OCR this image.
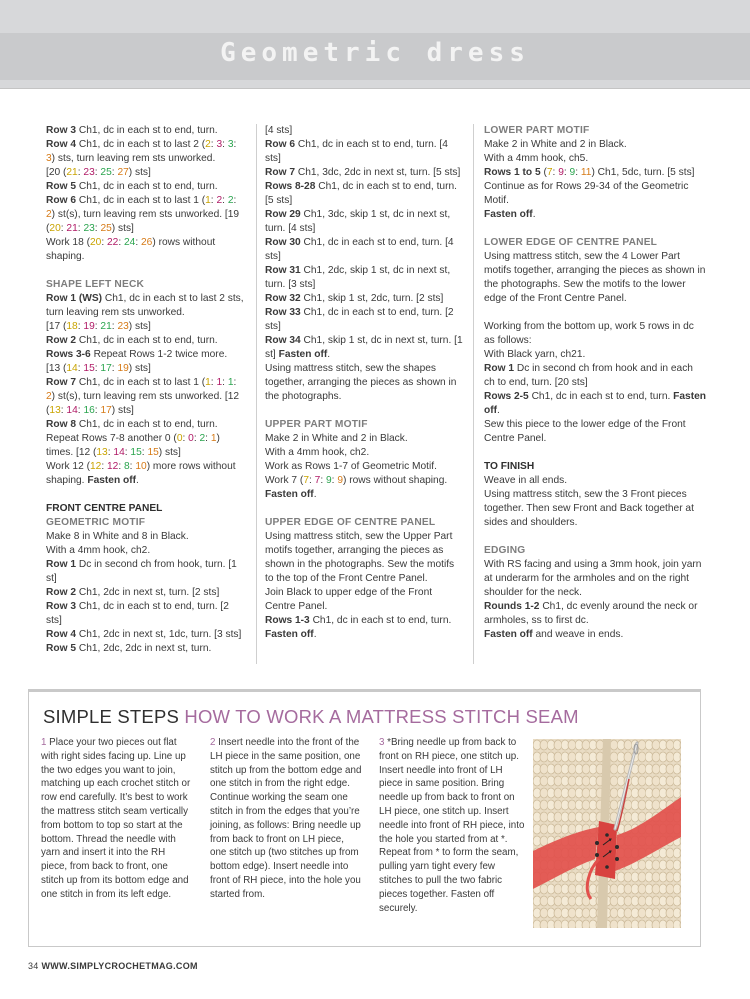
Geometric dress

Row 3 Ch1, dc in each st to end, turn.

Row 4 Ch1, dc in each st to last 2 (2: 3: 3: 3) sts, turn leaving rem sts unworked.

[20 (21: 23: 25: 27) sts]

Row 5 Ch1, dc in each st to end, turn.

Row 6 Ch1, dc in each st to last 1 (1: 2: 2: 2) st(s), turn leaving rem sts unworked. [19 (20: 21: 23: 25) sts]

Work 18 (20: 22: 24: 26) rows without shaping.

SHAPE LEFT NECK

Row 1 (WS) Ch1, dc in each st to last 2 sts, turn leaving rem sts unworked.

[17 (18: 19: 21: 23) sts]

Row 2 Ch1, dc in each st to end, turn.

Rows 3-6 Repeat Rows 1-2 twice more.

[13 (14: 15: 17: 19) sts]

Row 7 Ch1, dc in each st to last 1 (1: 1: 1: 2) st(s), turn leaving rem sts unworked. [12 (13: 14: 16: 17) sts]

Row 8 Ch1, dc in each st to end, turn.

Repeat Rows 7-8 another 0 (0: 0: 2: 1) times. [12 (13: 14: 15: 15) sts]

Work 12 (12: 12: 8: 10) more rows without shaping. Fasten off.

FRONT CENTRE PANEL

GEOMETRIC MOTIF

Make 8 in White and 8 in Black.

With a 4mm hook, ch2.

Row 1 Dc in second ch from hook, turn. [1 st]

Row 2 Ch1, 2dc in next st, turn. [2 sts]

Row 3 Ch1, dc in each st to end, turn. [2 sts]

Row 4 Ch1, 2dc in next st, 1dc, turn. [3 sts]

Row 5 Ch1, 2dc, 2dc in next st, turn.

[4 sts]

Row 6 Ch1, dc in each st to end, turn. [4 sts]

Row 7 Ch1, 3dc, 2dc in next st, turn. [5 sts]

Rows 8-28 Ch1, dc in each st to end, turn. [5 sts]

Row 29 Ch1, 3dc, skip 1 st, dc in next st, turn. [4 sts]

Row 30 Ch1, dc in each st to end, turn. [4 sts]

Row 31 Ch1, 2dc, skip 1 st, dc in next st, turn. [3 sts]

Row 32 Ch1, skip 1 st, 2dc, turn. [2 sts]

Row 33 Ch1, dc in each st to end, turn. [2 sts]

Row 34 Ch1, skip 1 st, dc in next st, turn. [1 st] Fasten off.

Using mattress stitch, sew the shapes together, arranging the pieces as shown in the photographs.

UPPER PART MOTIF

Make 2 in White and 2 in Black.

With a 4mm hook, ch2.

Work as Rows 1-7 of Geometric Motif.

Work 7 (7: 7: 9: 9) rows without shaping.

Fasten off.

UPPER EDGE OF CENTRE PANEL

Using mattress stitch, sew the Upper Part motifs together, arranging the pieces as shown in the photographs. Sew the motifs to the top of the Front Centre Panel.

Join Black to upper edge of the Front Centre Panel.

Rows 1-3 Ch1, dc in each st to end, turn. Fasten off.

LOWER PART MOTIF

Make 2 in White and 2 in Black.

With a 4mm hook, ch5.

Rows 1 to 5 (7: 9: 9: 11) Ch1, 5dc, turn. [5 sts]

Continue as for Rows 29-34 of the Geometric Motif.

Fasten off.

LOWER EDGE OF CENTRE PANEL

Using mattress stitch, sew the 4 Lower Part motifs together, arranging the pieces as shown in the photographs. Sew the motifs to the lower edge of the Front Centre Panel.

Working from the bottom up, work 5 rows in dc as follows:

With Black yarn, ch21.

Row 1 Dc in second ch from hook and in each ch to end, turn. [20 sts]

Rows 2-5 Ch1, dc in each st to end, turn. Fasten off.

Sew this piece to the lower edge of the Front Centre Panel.

TO FINISH

Weave in all ends.

Using mattress stitch, sew the 3 Front pieces together. Then sew Front and Back together at sides and shoulders.

EDGING

With RS facing and using a 3mm hook, join yarn at underarm for the armholes and on the right shoulder for the neck.

Rounds 1-2 Ch1, dc evenly around the neck or armholes, ss to first dc.

Fasten off and weave in ends.

SIMPLE STEPS HOW TO WORK A MATTRESS STITCH SEAM
1 Place your two pieces out flat with right sides facing up. Line up the two edges you want to join, matching up each crochet stitch or row end carefully. It’s best to work the mattress stitch seam vertically from bottom to top so start at the bottom. Thread the needle with yarn and insert it into the RH piece, from back to front, one stitch up from its bottom edge and one stitch in from its left edge.
2 Insert needle into the front of the LH piece in the same position, one stitch up from the bottom edge and one stitch in from the right edge. Continue working the seam one stitch in from the edges that you’re joining, as follows: Bring needle up from back to front on LH piece, one stitch up (two stitches up from bottom edge). Insert needle into front of RH piece, into the hole you started from.
3 *Bring needle up from back to front on RH piece, one stitch up. Insert needle into front of LH piece in same position. Bring needle up from back to front on LH piece, one stitch up. Insert needle into front of RH piece, into the hole you started from at *. Repeat from * to form the seam, pulling yarn tight every few stitches to pull the two fabric pieces together. Fasten off securely.
34 WWW.SIMPLYCROCHETMAG.COM
